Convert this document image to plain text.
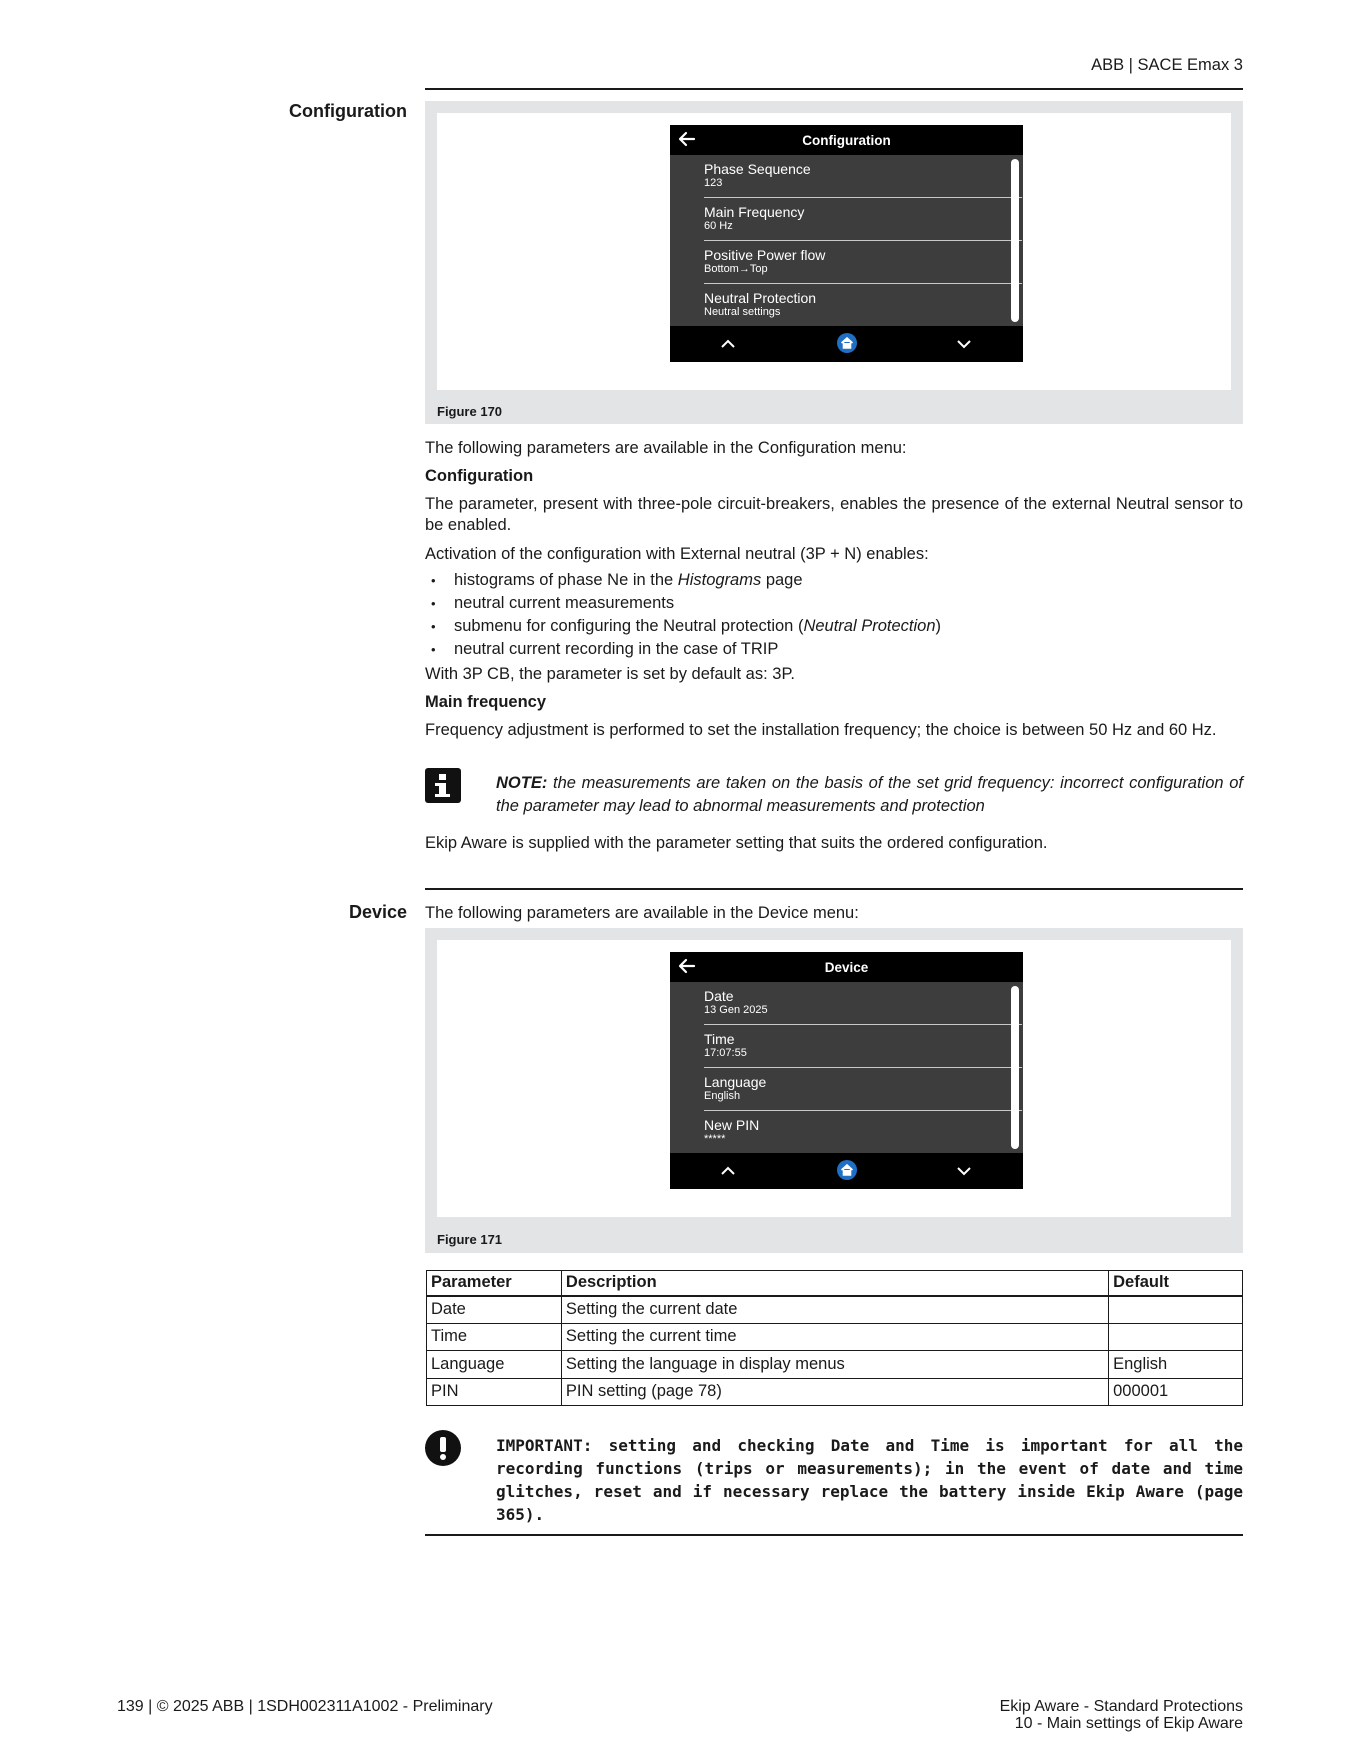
ABB | SACE Emax 3
Configuration
Configuration
Phase Sequence
123
Main Frequency
60 Hz
Positive Power flow
Bottom→Top
Neutral Protection
Neutral settings
Figure 170
The following parameters are available in the Configuration menu:
Configuration
The parameter, present with three-pole circuit-breakers, enables the presence of the external Neutral sensor to be enabled.
Activation of the configuration with External neutral (3P + N) enables:
• histograms of phase Ne in the Histograms page
• neutral current measurements
• submenu for configuring the Neutral protection (Neutral Protection)
• neutral current recording in the case of TRIP
With 3P CB, the parameter is set by default as: 3P.
Main frequency
Frequency adjustment is performed to set the installation frequency; the choice is between 50 Hz and 60 Hz.
NOTE: the measurements are taken on the basis of the set grid frequency: incorrect configuration of the parameter may lead to abnormal measurements and protection
Ekip Aware is supplied with the parameter setting that suits the ordered configuration.
Device The following parameters are available in the Device menu:
Device
Date
13 Gen 2025
Time
17:07:55
Language
English
New PIN
*****
Figure 171
Parameter	Description	Default
Date	Setting the current date	
Time	Setting the current time	
Language	Setting the language in display menus	English
PIN	PIN setting (page 78)	000001
IMPORTANT: setting and checking Date and Time is important for all the recording functions (trips or measurements); in the event of date and time glitches, reset and if necessary replace the battery inside Ekip Aware (page 365).
139 | © 2025 ABB | 1SDH002311A1002 - Preliminary	Ekip Aware - Standard Protections
10 - Main settings of Ekip Aware
